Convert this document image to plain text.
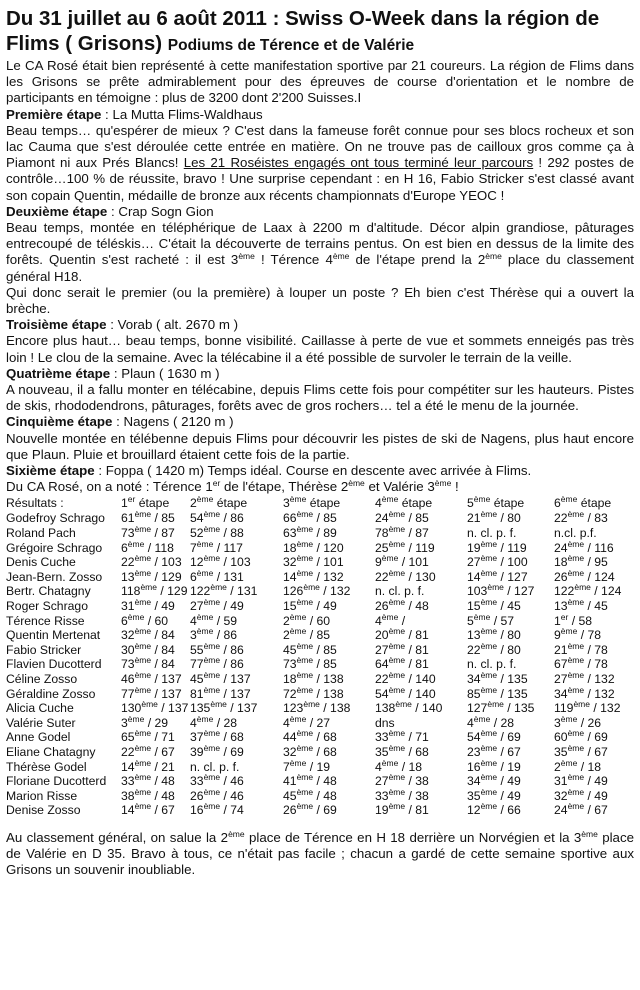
Du 31 juillet au 6 août 2011 : Swiss O-Week dans la région de Flims ( Grisons) Podiums de Térence et de Valérie

Le CA Rosé était bien représenté à cette manifestation sportive par 21 coureurs. La région de Flims dans les Grisons se prête admirablement pour des épreuves de course d'orientation et le nombre de participants en témoigne : plus de 3200 dont 2'200 Suisses.I

Première étape : La Mutta Flims-Waldhaus

Beau temps… qu'espérer de mieux ? C'est dans la fameuse forêt connue pour ses blocs rocheux et son lac Cauma que s'est déroulée cette entrée en matière. On ne trouve pas de cailloux gros comme ça à Piamont ni aux Prés Blancs! Les 21 Roséistes engagés ont tous terminé leur parcours ! 292 postes de contrôle…100 % de réussite, bravo ! Une surprise cependant : en H 16, Fabio Stricker s'est classé avant son copain Quentin, médaille de bronze aux récents championnats d'Europe YEOC !

Deuxième étape : Crap Sogn Gion

Beau temps, montée en téléphérique de Laax à 2200 m d'altitude. Décor alpin grandiose, pâturages entrecoupé de téléskis… C'était la découverte de terrains pentus. On est bien en dessus de la limite des forêts. Quentin s'est racheté : il est 3ème ! Térence 4ème de l'étape prend la 2ème place du classement général H18.

Qui donc serait le premier (ou la première) à louper un poste ? Eh bien c'est Thérèse qui a ouvert la brèche.

Troisième étape : Vorab ( alt. 2670 m )

Encore plus haut… beau temps, bonne visibilité. Caillasse à perte de vue et sommets enneigés pas très loin ! Le clou de la semaine. Avec la télécabine il a été possible de survoler le terrain de la veille.

Quatrième étape : Plaun ( 1630 m )

A nouveau, il a fallu monter en télécabine, depuis Flims cette fois pour compétiter sur les hauteurs. Pistes de skis, rhododendrons, pâturages, forêts avec de gros rochers… tel a été le menu de la journée.

Cinquième étape : Nagens ( 2120 m )

Nouvelle montée en télébenne depuis Flims pour découvrir les pistes de ski de Nagens, plus haut encore que Plaun. Pluie et brouillard étaient cette fois de la partie.

Sixième étape : Foppa ( 1420 m) Temps idéal. Course en descente avec arrivée à Flims.

Du CA Rosé, on a noté : Térence 1er de l'étape, Thérèse 2ème et Valérie 3ème !

Résultats :	1er étape	2ème étape	3ème étape	4ème étape	5ème étape	6ème étape
Godefroy Schrago	61ème / 85	54ème / 86	66ème / 85	24ème / 85	21ème / 80	22ème / 83
Roland Pach	73ème / 87	52ème / 88	63ème / 89	78ème / 87	n. cl. p. f.	n.cl. p.f.
Grégoire Schrago	6ème / 118	7ème / 117	18ème / 120	25ème / 119	19ème / 119	24ème / 116
Denis Cuche	22ème / 103	12ème / 103	32ème / 101	9ème / 101	27ème / 100	18ème / 95
Jean-Bern. Zosso	13ème / 129	6ème / 131	14ème / 132	22ème / 130	14ème / 127	26ème / 124
Bertr. Chatagny	118ème / 129	122ème / 131	126ème / 132	n. cl. p. f.	103ème / 127	122ème / 124
Roger Schrago	31ème / 49	27ème / 49	15ème / 49	26ème / 48	15ème / 45	13ème / 45
Térence Risse	6ème / 60	4ème / 59	2ème / 60	4ème /	5ème / 57	1er / 58
Quentin Mertenat	32ème / 84	3ème / 86	2ème / 85	20ème / 81	13ème / 80	9ème / 78
Fabio Stricker	30ème / 84	55ème / 86	45ème / 85	27ème / 81	22ème / 80	21ème / 78
Flavien Ducotterd	73ème / 84	77ème / 86	73ème / 85	64ème / 81	n. cl. p. f.	67ème / 78
Céline Zosso	46ème / 137	45ème / 137	18ème / 138	22ème / 140	34ème / 135	27ème / 132
Géraldine Zosso	77ème / 137	81ème / 137	72ème / 138	54ème / 140	85ème / 135	34ème / 132
Alicia Cuche	130ème / 137	135ème / 137	123ème / 138	138ème / 140	127ème / 135	119ème / 132
Valérie Suter	3ème / 29	4ème / 28	4ème / 27	dns	4ème / 28	3ème / 26
Anne Godel	65ème / 71	37ème / 68	44ème / 68	33ème / 71	54ème / 69	60ème / 69
Eliane Chatagny	22ème / 67	39ème / 69	32ème / 68	35ème / 68	23ème / 67	35ème / 67
Thérèse Godel	14ème / 21	n. cl. p. f.	7ème / 19	4ème / 18	16ème / 19	2ème / 18
Floriane Ducotterd	33ème / 48	33ème / 46	41ème / 48	27ème / 38	34ème / 49	31ème / 49
Marion Risse	38ème / 48	26ème / 46	45ème / 48	33ème / 38	35ème / 49	32ème / 49
Denise Zosso	14ème / 67	16ème / 74	26ème / 69	19ème / 81	12ème / 66	24ème / 67

Au classement général, on salue la 2ème place de Térence en H 18 derrière un Norvégien et la 3ème place de Valérie en D 35. Bravo à tous, ce n'était pas facile ; chacun a gardé de cette semaine sportive aux Grisons un souvenir inoubliable.
